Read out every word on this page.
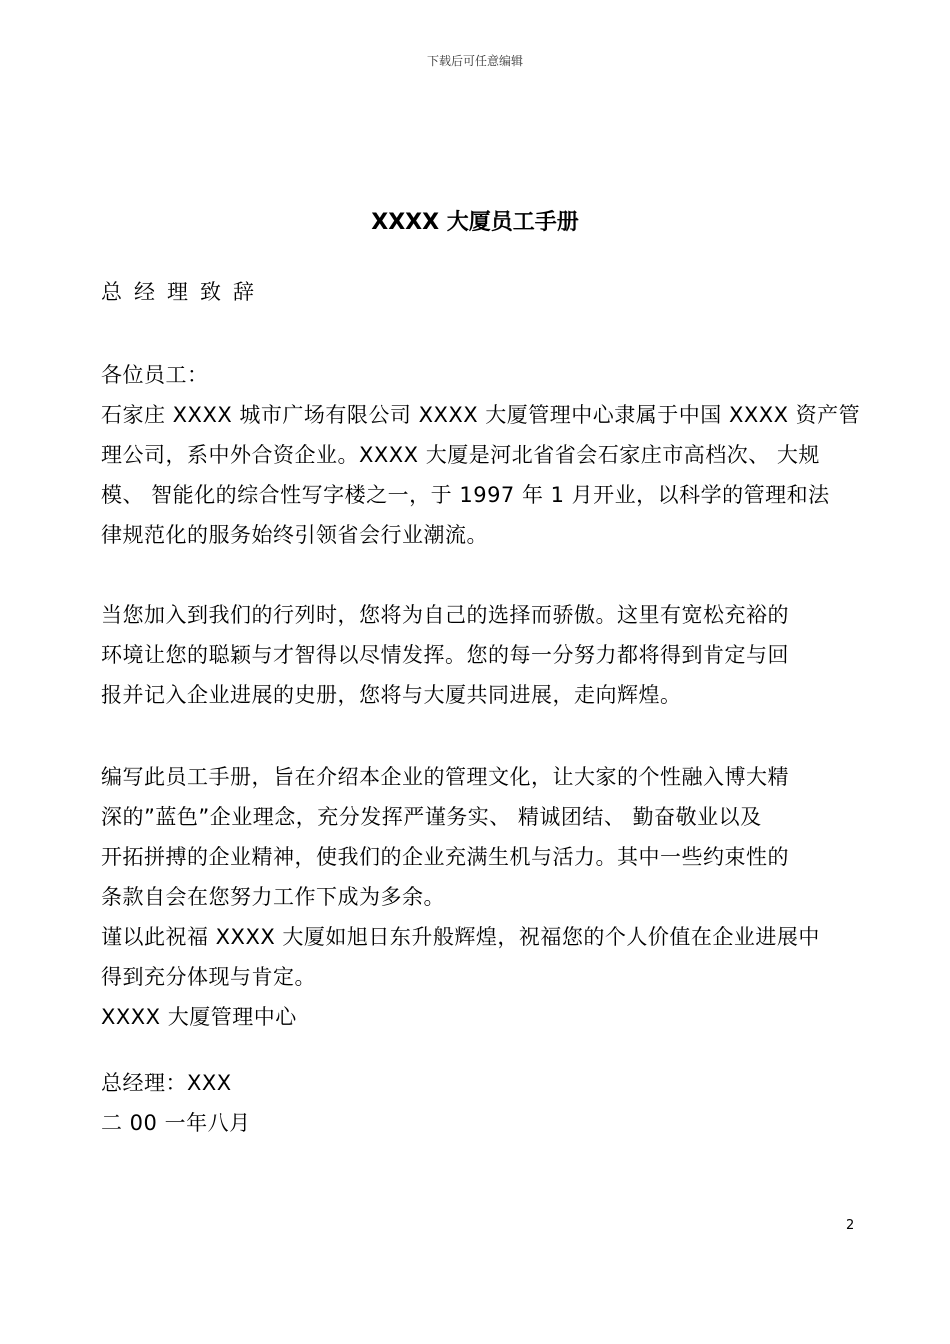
下载后可任意编辑
XXXX 大厦员工手册
总经理致辞
各位员工：
石家庄 XXXX 城市广场有限公司 XXXX 大厦管理中心隶属于中国 XXXX 资产管
理公司，系中外合资企业。XXXX 大厦是河北省省会石家庄市高档次、 大规
模、 智能化的综合性写字楼之一，于 1997 年 1 月开业，以科学的管理和法
律规范化的服务始终引领省会行业潮流。
当您加入到我们的行列时，您将为自己的选择而骄傲。这里有宽松充裕的
环境让您的聪颖与才智得以尽情发挥。您的每一分努力都将得到肯定与回
报并记入企业进展的史册，您将与大厦共同进展，走向辉煌。
编写此员工手册，旨在介绍本企业的管理文化，让大家的个性融入博大精
深的”蓝色”企业理念，充分发挥严谨务实、 精诚团结、 勤奋敬业以及
开拓拼搏的企业精神，使我们的企业充满生机与活力。其中一些约束性的
条款自会在您努力工作下成为多余。
谨以此祝福 XXXX 大厦如旭日东升般辉煌，祝福您的个人价值在企业进展中
得到充分体现与肯定。
XXXX 大厦管理中心
总经理：XXX
二 00 一年八月
2
